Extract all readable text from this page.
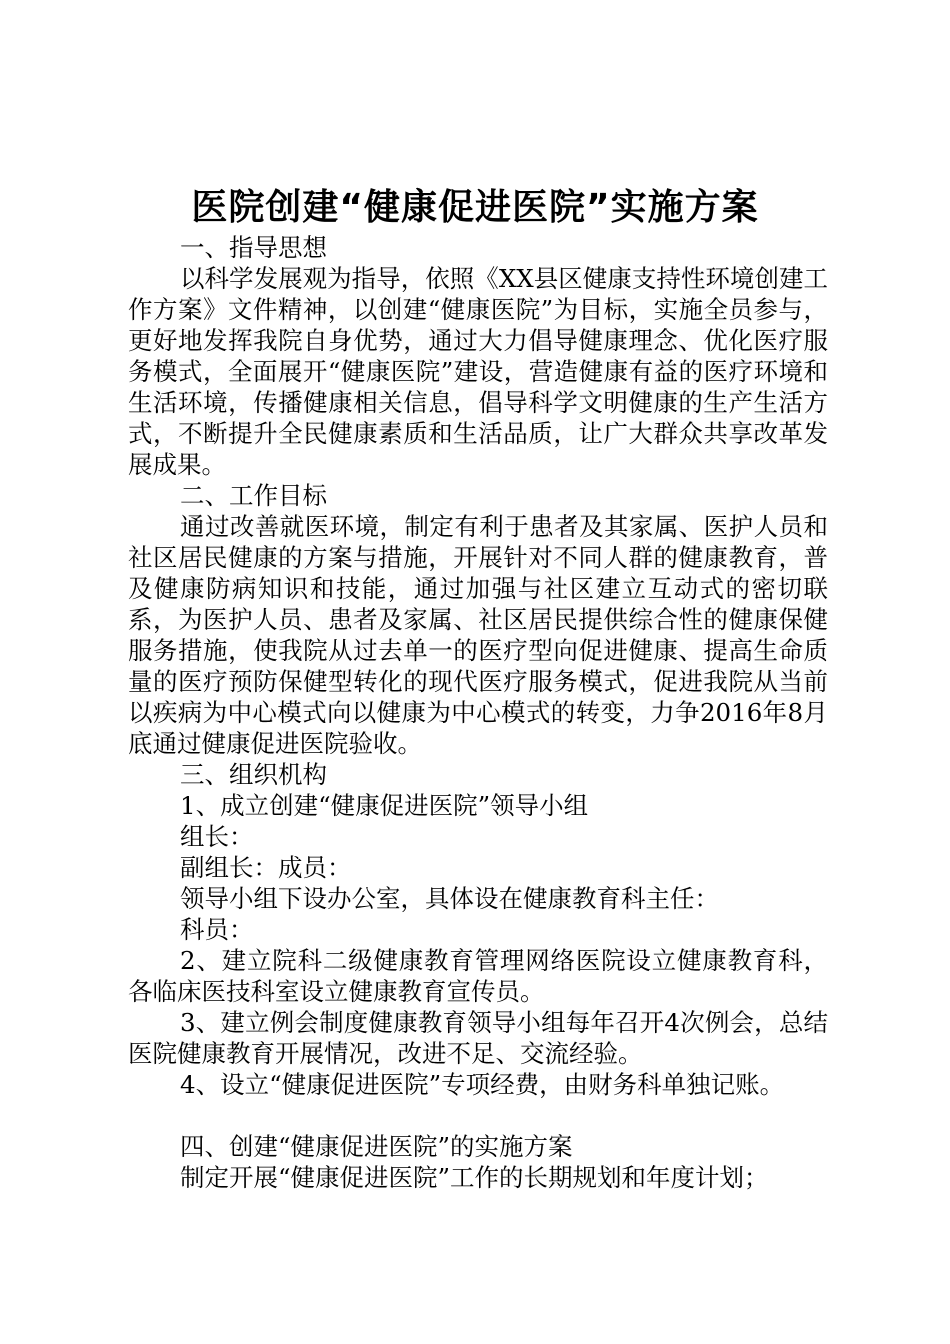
医院创建“健康促进医院”实施方案

一、指导思想

以科学发展观为指导，依照《XX县区健康支持性环境创建工作方案》文件精神，以创建“健康医院”为目标，实施全员参与，更好地发挥我院自身优势，通过大力倡导健康理念、优化医疗服务模式，全面展开“健康医院”建设，营造健康有益的医疗环境和生活环境，传播健康相关信息，倡导科学文明健康的生产生活方式，不断提升全民健康素质和生活品质，让广大群众共享改革发展成果。

二、工作目标

通过改善就医环境，制定有利于患者及其家属、医护人员和社区居民健康的方案与措施，开展针对不同人群的健康教育，普及健康防病知识和技能，通过加强与社区建立互动式的密切联系，为医护人员、患者及家属、社区居民提供综合性的健康保健服务措施，使我院从过去单一的医疗型向促进健康、提高生命质量的医疗预防保健型转化的现代医疗服务模式，促进我院从当前以疾病为中心模式向以健康为中心模式的转变，力争2016年8月底通过健康促进医院验收。

三、组织机构

1、成立创建“健康促进医院”领导小组

组长：

副组长：成员：

领导小组下设办公室，具体设在健康教育科主任：

科员：

2、建立院科二级健康教育管理网络医院设立健康教育科，各临床医技科室设立健康教育宣传员。

3、建立例会制度健康教育领导小组每年召开4次例会，总结医院健康教育开展情况，改进不足、交流经验。

4、设立“健康促进医院”专项经费，由财务科单独记账。

四、创建“健康促进医院”的实施方案

制定开展“健康促进医院”工作的长期规划和年度计划；
